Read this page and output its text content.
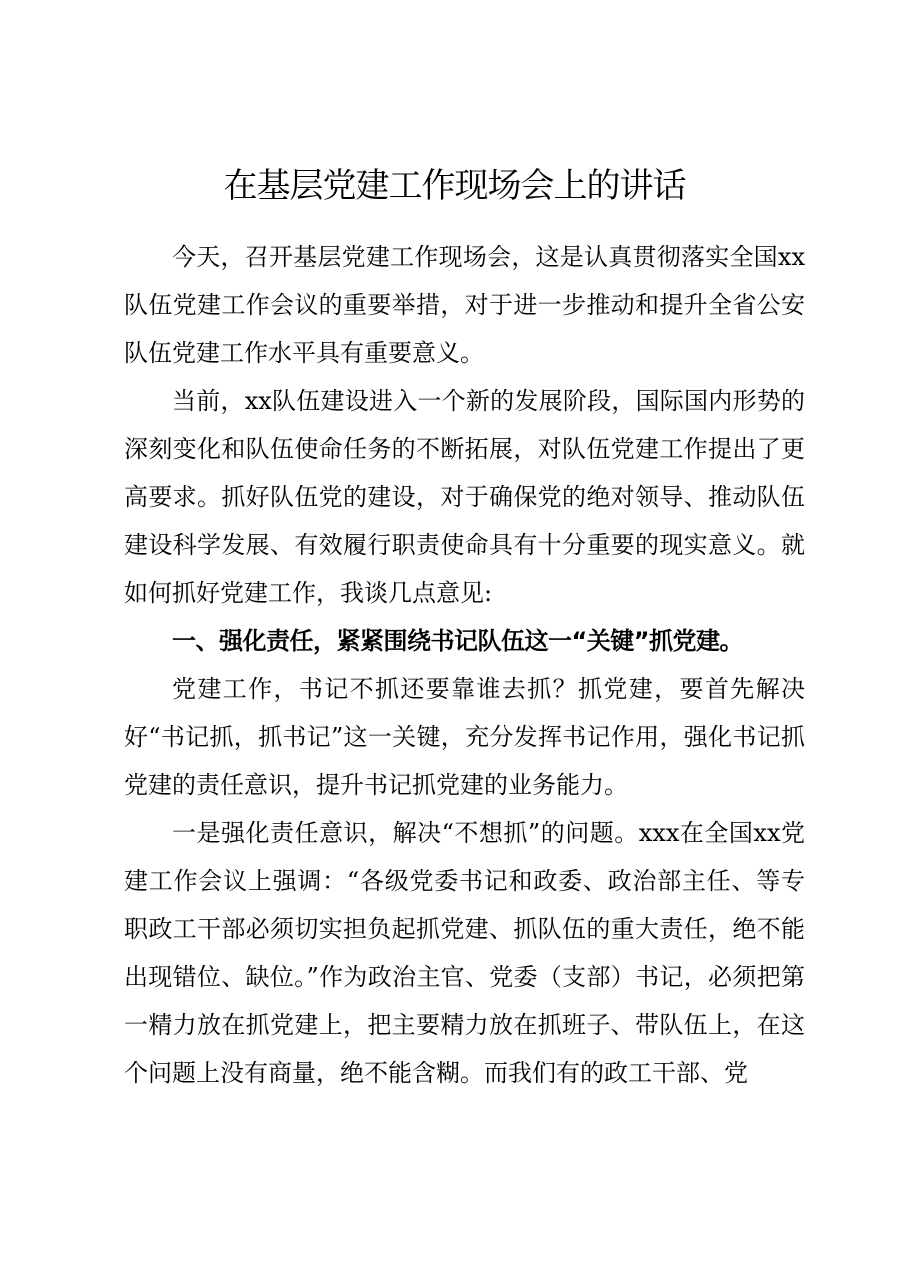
在基层党建工作现场会上的讲话

今天，召开基层党建工作现场会，这是认真贯彻落实全国xx队伍党建工作会议的重要举措，对于进一步推动和提升全省公安队伍党建工作水平具有重要意义。

当前，xx队伍建设进入一个新的发展阶段，国际国内形势的深刻变化和队伍使命任务的不断拓展，对队伍党建工作提出了更高要求。抓好队伍党的建设，对于确保党的绝对领导、推动队伍建设科学发展、有效履行职责使命具有十分重要的现实意义。就如何抓好党建工作，我谈几点意见:

一、强化责任，紧紧围绕书记队伍这一“关键”抓党建。

党建工作，书记不抓还要靠谁去抓？抓党建，要首先解决好“书记抓，抓书记”这一关键，充分发挥书记作用，强化书记抓党建的责任意识，提升书记抓党建的业务能力。

一是强化责任意识，解决“不想抓”的问题。xxx在全国xx党建工作会议上强调：“各级党委书记和政委、政治部主任、等专职政工干部必须切实担负起抓党建、抓队伍的重大责任，绝不能出现错位、缺位。”作为政治主官、党委（支部）书记，必须把第一精力放在抓党建上，把主要精力放在抓班子、带队伍上，在这个问题上没有商量，绝不能含糊。而我们有的政工干部、党
